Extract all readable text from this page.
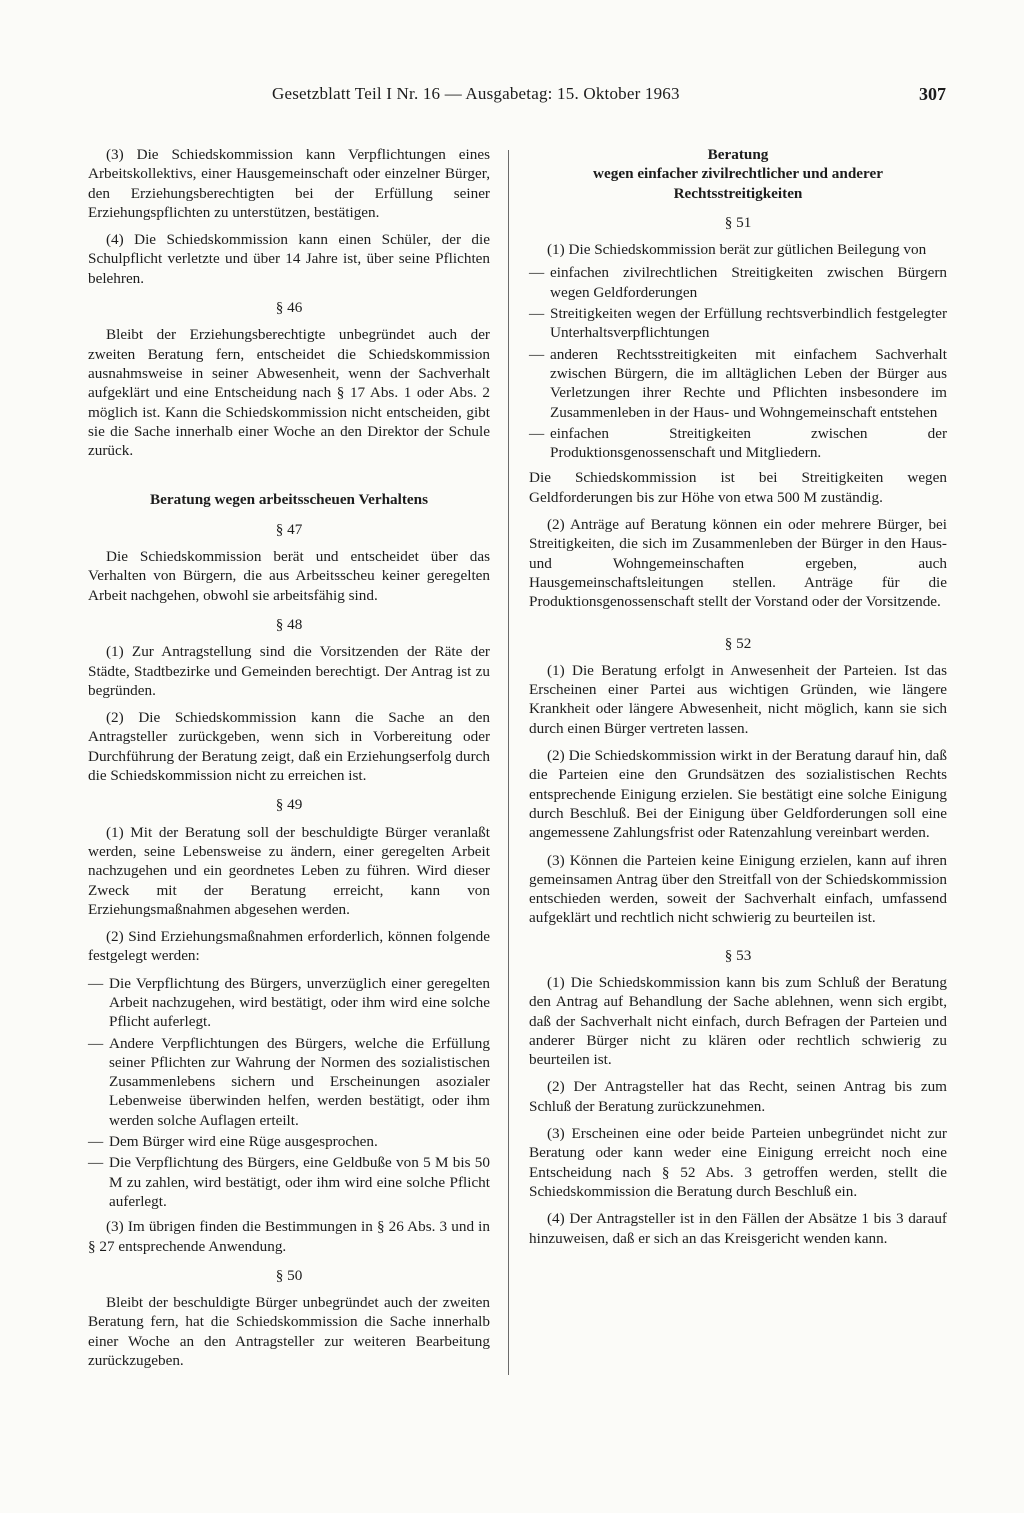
Gesetzblatt Teil I Nr. 16 — Ausgabetag: 15. Oktober 1963	307

(3) Die Schiedskommission kann Verpflichtungen eines Arbeitskollektivs, einer Hausgemeinschaft oder einzelner Bürger, den Erziehungsberechtigten bei der Erfüllung seiner Erziehungspflichten zu unterstützen, bestätigen.

(4) Die Schiedskommission kann einen Schüler, der die Schulpflicht verletzte und über 14 Jahre ist, über seine Pflichten belehren.

§ 46

Bleibt der Erziehungsberechtigte unbegründet auch der zweiten Beratung fern, entscheidet die Schiedskommission ausnahmsweise in seiner Abwesenheit, wenn der Sachverhalt aufgeklärt und eine Entscheidung nach § 17 Abs. 1 oder Abs. 2 möglich ist. Kann die Schiedskommission nicht entscheiden, gibt sie die Sache innerhalb einer Woche an den Direktor der Schule zurück.

Beratung wegen arbeitsscheuen Verhaltens
§ 47

Die Schiedskommission berät und entscheidet über das Verhalten von Bürgern, die aus Arbeitsscheu keiner geregelten Arbeit nachgehen, obwohl sie arbeitsfähig sind.

§ 48

(1) Zur Antragstellung sind die Vorsitzenden der Räte der Städte, Stadtbezirke und Gemeinden berechtigt. Der Antrag ist zu begründen.

(2) Die Schiedskommission kann die Sache an den Antragsteller zurückgeben, wenn sich in Vorbereitung oder Durchführung der Beratung zeigt, daß ein Erziehungserfolg durch die Schiedskommission nicht zu erreichen ist.

§ 49

(1) Mit der Beratung soll der beschuldigte Bürger veranlaßt werden, seine Lebensweise zu ändern, einer geregelten Arbeit nachzugehen und ein geordnetes Leben zu führen. Wird dieser Zweck mit der Beratung erreicht, kann von Erziehungsmaßnahmen abgesehen werden.

(2) Sind Erziehungsmaßnahmen erforderlich, können folgende festgelegt werden:

— Die Verpflichtung des Bürgers, unverzüglich einer geregelten Arbeit nachzugehen, wird bestätigt, oder ihm wird eine solche Pflicht auferlegt.
— Andere Verpflichtungen des Bürgers, welche die Erfüllung seiner Pflichten zur Wahrung der Normen des sozialistischen Zusammenlebens sichern und Erscheinungen asozialer Lebenweise überwinden helfen, werden bestätigt, oder ihm werden solche Auflagen erteilt.
— Dem Bürger wird eine Rüge ausgesprochen.
— Die Verpflichtung des Bürgers, eine Geldbuße von 5 M bis 50 M zu zahlen, wird bestätigt, oder ihm wird eine solche Pflicht auferlegt.

(3) Im übrigen finden die Bestimmungen in § 26 Abs. 3 und in § 27 entsprechende Anwendung.

§ 50

Bleibt der beschuldigte Bürger unbegründet auch der zweiten Beratung fern, hat die Schiedskommission die Sache innerhalb einer Woche an den Antragsteller zur weiteren Bearbeitung zurückzugeben.

Beratung
wegen einfacher zivilrechtlicher und anderer
Rechtsstreitigkeiten
§ 51

(1) Die Schiedskommission berät zur gütlichen Beilegung von

— einfachen zivilrechtlichen Streitigkeiten zwischen Bürgern wegen Geldforderungen
— Streitigkeiten wegen der Erfüllung rechtsverbindlich festgelegter Unterhaltsverpflichtungen
— anderen Rechtsstreitigkeiten mit einfachem Sachverhalt zwischen Bürgern, die im alltäglichen Leben der Bürger aus Verletzungen ihrer Rechte und Pflichten insbesondere im Zusammenleben in der Haus- und Wohngemeinschaft entstehen
— einfachen Streitigkeiten zwischen der Produktionsgenossenschaft und Mitgliedern.

Die Schiedskommission ist bei Streitigkeiten wegen Geldforderungen bis zur Höhe von etwa 500 M zuständig.

(2) Anträge auf Beratung können ein oder mehrere Bürger, bei Streitigkeiten, die sich im Zusammenleben der Bürger in den Haus- und Wohngemeinschaften ergeben, auch Hausgemeinschaftsleitungen stellen. Anträge für die Produktionsgenossenschaft stellt der Vorstand oder der Vorsitzende.

§ 52

(1) Die Beratung erfolgt in Anwesenheit der Parteien. Ist das Erscheinen einer Partei aus wichtigen Gründen, wie längere Krankheit oder längere Abwesenheit, nicht möglich, kann sie sich durch einen Bürger vertreten lassen.

(2) Die Schiedskommission wirkt in der Beratung darauf hin, daß die Parteien eine den Grundsätzen des sozialistischen Rechts entsprechende Einigung erzielen. Sie bestätigt eine solche Einigung durch Beschluß. Bei der Einigung über Geldforderungen soll eine angemessene Zahlungsfrist oder Ratenzahlung vereinbart werden.

(3) Können die Parteien keine Einigung erzielen, kann auf ihren gemeinsamen Antrag über den Streitfall von der Schiedskommission entschieden werden, soweit der Sachverhalt einfach, umfassend aufgeklärt und rechtlich nicht schwierig zu beurteilen ist.

§ 53

(1) Die Schiedskommission kann bis zum Schluß der Beratung den Antrag auf Behandlung der Sache ablehnen, wenn sich ergibt, daß der Sachverhalt nicht einfach, durch Befragen der Parteien und anderer Bürger nicht zu klären oder rechtlich schwierig zu beurteilen ist.

(2) Der Antragsteller hat das Recht, seinen Antrag bis zum Schluß der Beratung zurückzunehmen.

(3) Erscheinen eine oder beide Parteien unbegründet nicht zur Beratung oder kann weder eine Einigung erreicht noch eine Entscheidung nach § 52 Abs. 3 getroffen werden, stellt die Schiedskommission die Beratung durch Beschluß ein.

(4) Der Antragsteller ist in den Fällen der Absätze 1 bis 3 darauf hinzuweisen, daß er sich an das Kreisgericht wenden kann.
